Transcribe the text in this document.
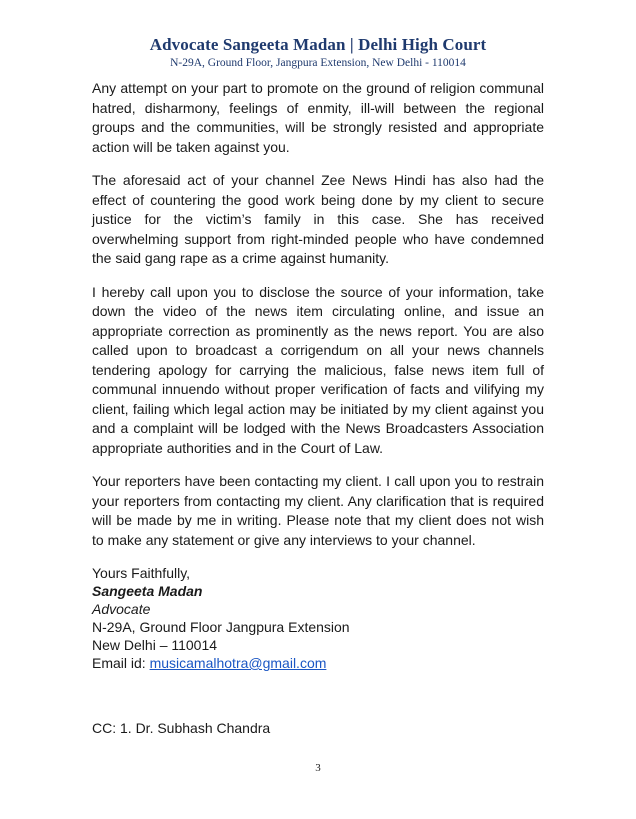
Advocate Sangeeta Madan | Delhi High Court
N-29A, Ground Floor, Jangpura Extension, New Delhi - 110014

Any attempt on your part to promote on the ground of religion communal hatred, disharmony, feelings of enmity, ill-will between the regional groups and the communities, will be strongly resisted and appropriate action will be taken against you.

The aforesaid act of your channel Zee News Hindi has also had the effect of countering the good work being done by my client to secure justice for the victim’s family in this case. She has received overwhelming support from right-minded people who have condemned the said gang rape as a crime against humanity.

I hereby call upon you to disclose the source of your information, take down the video of the news item circulating online, and issue an appropriate correction as prominently as the news report. You are also called upon to broadcast a corrigendum on all your news channels tendering apology for carrying the malicious, false news item full of communal innuendo without proper verification of facts and vilifying my client, failing which legal action may be initiated by my client against you and a complaint will be lodged with the News Broadcasters Association appropriate authorities and in the Court of Law.

Your reporters have been contacting my client. I call upon you to restrain your reporters from contacting my client. Any clarification that is required will be made by me in writing. Please note that my client does not wish to make any statement or give any interviews to your channel.

Yours Faithfully,
Sangeeta Madan
Advocate
N-29A, Ground Floor Jangpura Extension
New Delhi – 110014
Email id: musicamalhotra@gmail.com
CC: 1. Dr. Subhash Chandra
3
